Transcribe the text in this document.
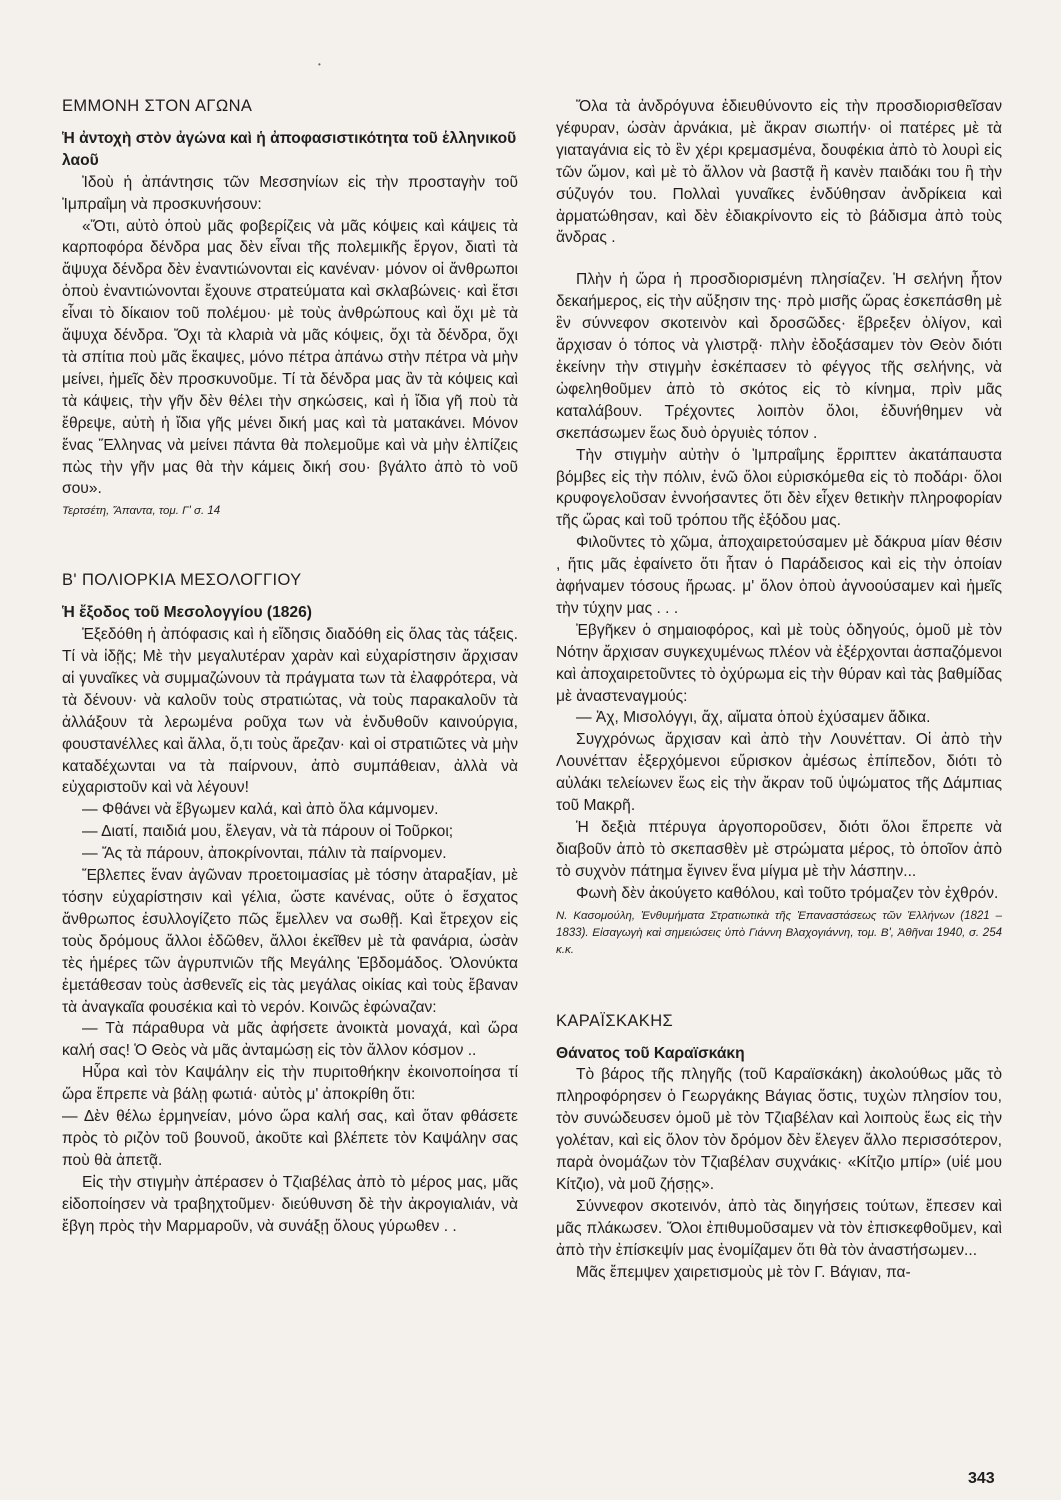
•
ΕΜΜΟΝΗ ΣΤΟΝ ΑΓΩΝΑ
Ἡ ἀντοχὴ στὸν ἀγώνα καὶ ἡ ἀποφασιστικότητα τοῦ ἑλληνικοῦ λαοῦ

Ἰδοὺ ἡ ἀπάντησις τῶν Μεσσηνίων εἰς τὴν προσταγὴν τοῦ Ἰμπραΐμη νὰ προσκυνήσουν:

«Ὅτι, αὐτὸ ὁποὺ μᾶς φοβερίζεις νὰ μᾶς κόψεις καὶ κάψεις τὰ καρποφόρα δένδρα μας δὲν εἶναι τῆς πολεμικῆς ἔργον, διατὶ τὰ ἄψυχα δένδρα δὲν ἐναντιώνονται εἰς κανέναν· μόνον οἱ ἄνθρωποι ὁποὺ ἐναντιώνονται ἔχουνε στρατεύματα καὶ σκλαβώνεις· καὶ ἔτσι εἶναι τὸ δίκαιον τοῦ πολέμου· μὲ τοὺς ἀνθρώπους καὶ ὄχι μὲ τὰ ἄψυχα δένδρα. Ὄχι τὰ κλαριὰ νὰ μᾶς κόψεις, ὄχι τὰ δένδρα, ὄχι τὰ σπίτια ποὺ μᾶς ἔκαψες, μόνο πέτρα ἀπάνω στὴν πέτρα νὰ μὴν μείνει, ἠμεῖς δὲν προσκυνοῦμε. Τί τὰ δένδρα μας ἂν τὰ κόψεις καὶ τὰ κάψεις, τὴν γῆν δὲν θέλει τὴν σηκώσεις, καὶ ἡ ἴδια γῆ ποὺ τὰ ἔθρεψε, αὐτὴ ἡ ἴδια γῆς μένει δική μας καὶ τὰ ματακάνει. Μόνον ἕνας Ἕλληνας νὰ μείνει πάντα θὰ πολεμοῦμε καὶ νὰ μὴν ἐλπίζεις πὼς τὴν γῆν μας θὰ τὴν κάμεις δική σου· βγάλτο ἀπὸ τὸ νοῦ σου».

Τερτσέτη, Ἅπαντα, τομ. Γ' σ. 14

Β' ΠΟΛΙΟΡΚΙΑ ΜΕΣΟΛΟΓΓΙΟΥ
Ἡ ἔξοδος τοῦ Μεσολογγίου (1826)

Ἐξεδόθη ἡ ἀπόφασις καὶ ἡ εἴδησις διαδόθη εἰς ὅλας τὰς τάξεις. Τί νὰ ἰδῇς; Μὲ τὴν μεγαλυτέραν χαρὰν καὶ εὐχαρίστησιν ἄρχισαν αἱ γυναῖκες νὰ συμμαζώνουν τὰ πράγματα των τὰ ἐλαφρότερα, νὰ τὰ δένουν· νὰ καλοῦν τοὺς στρατιώτας, νὰ τοὺς παρακαλοῦν τὰ ἀλλάξουν τὰ λερωμένα ροῦχα των νὰ ἐνδυθοῦν καινούργια, φουστανέλλες καὶ ἄλλα, ὅ,τι τοὺς ἄρεζαν· καὶ οἱ στρατιῶτες νὰ μὴν καταδέχωνται να τὰ παίρνουν, ἀπὸ συμπάθειαν, ἀλλὰ νὰ εὐχαριστοῦν καὶ νὰ λέγουν!

— Φθάνει νὰ ἔβγωμεν καλά, καὶ ἀπὸ ὅλα κάμνομεν.

— Διατί, παιδιά μου, ἔλεγαν, νὰ τὰ πάρουν οἱ Τοῦρκοι;

— Ἄς τὰ πάρουν, ἀποκρίνονται, πάλιν τὰ παίρνομεν.

Ἔβλεπες ἕναν ἀγῶναν προετοιμασίας μὲ τόσην ἀταραξίαν, μὲ τόσην εὐχαρίστησιν καὶ γέλια, ὥστε κανένας, οὔτε ὁ ἔσχατος ἄνθρωπος ἐσυλλογίζετο πῶς ἔμελλεν να σωθῇ. Καὶ ἔτρεχον εἰς τοὺς δρόμους ἄλλοι ἐδῶθεν, ἄλλοι ἐκεῖθεν μὲ τὰ φανάρια, ὡσὰν τὲς ἡμέρες τῶν ἀγρυπνιῶν τῆς Μεγάλης Ἑβδομάδος. Ὁλονύκτα ἐμετάθεσαν τοὺς ἀσθενεῖς εἰς τὰς μεγάλας οἰκίας καὶ τοὺς ἔβαναν τὰ ἀναγκαῖα φουσέκια καὶ τὸ νερόν. Κοινῶς ἐφώναζαν:

— Τὰ πάραθυρα νὰ μᾶς ἀφήσετε ἀνοικτὰ μοναχά, καὶ ὥρα καλή σας! Ὁ Θεὸς νὰ μᾶς ἀνταμώσῃ εἰς τὸν ἄλλον κόσμον ..

Ηὗρα καὶ τὸν Καψάλην εἰς τὴν πυριτοθήκην ἐκοινοποίησα τί ὥρα ἔπρεπε νὰ βάλῃ φωτιά· αὐτὸς μ' ἀποκρίθη ὅτι:

— Δὲν θέλω ἑρμηνείαν, μόνο ὥρα καλή σας, καὶ ὅταν φθάσετε πρὸς τὸ ριζὸν τοῦ βουνοῦ, ἀκοῦτε καὶ βλέπετε τὸν Καψάλην σας ποὺ θὰ ἀπετᾷ.

Εἰς τὴν στιγμὴν ἀπέρασεν ὁ Τζιαβέλας ἀπὸ τὸ μέρος μας, μᾶς εἰδοποίησεν νὰ τραβηχτοῦμεν· διεύθυνση δὲ τὴν ἀκρογιαλιάν, νὰ ἔβγη πρὸς τὴν Μαρμαροῦν, νὰ συνάξῃ ὅλους γύρωθεν . .

Ὅλα τὰ ἀνδρόγυνα ἐδιευθύνοντο εἰς τὴν προσδιορισθεῖσαν γέφυραν, ὡσὰν ἀρνάκια, μὲ ἄκραν σιωπήν· οἱ πατέρες μὲ τὰ γιαταγάνια εἰς τὸ ἓν χέρι κρεμασμένα, δουφέκια ἀπὸ τὸ λουρὶ εἰς τῶν ὤμον, καὶ μὲ τὸ ἄλλον νὰ βαστᾷ ἢ κανὲν παιδάκι του ἢ τὴν σύζυγόν του. Πολλαὶ γυναῖκες ἐνδύθησαν ἀνδρίκεια καὶ ἀρματώθησαν, καὶ δὲν ἐδιακρίνοντο εἰς τὸ βάδισμα ἀπὸ τοὺς ἄνδρας .

Πλὴν ἡ ὥρα ἡ προσδιορισμένη πλησίαζεν. Ἡ σελήνη ἦτον δεκαήμερος, εἰς τὴν αὔξησιν της· πρὸ μισῆς ὥρας ἐσκεπάσθη μὲ ἓν σύννεφον σκοτεινὸν καὶ δροσῶδες· ἔβρεξεν ὀλίγον, καὶ ἄρχισαν ὁ τόπος νὰ γλιστρᾷ· πλὴν ἐδοξάσαμεν τὸν Θεὸν διότι ἐκείνην τὴν στιγμὴν ἐσκέπασεν τὸ φέγγος τῆς σελήνης, νὰ ὠφεληθοῦμεν ἀπὸ τὸ σκότος εἰς τὸ κίνημα, πρὶν μᾶς καταλάβουν. Τρέχοντες λοιπὸν ὅλοι, ἐδυνήθημεν νὰ σκεπάσωμεν ἕως δυὸ ὀργυιὲς τόπον .

Τὴν στιγμὴν αὐτὴν ὁ Ἰμπραΐμης ἔρριπτεν ἀκατάπαυστα βόμβες εἰς τὴν πόλιν, ἐνῶ ὅλοι εὑρισκόμεθα εἰς τὸ ποδάρι· ὅλοι κρυφογελοῦσαν ἐννοήσαντες ὅτι δὲν εἶχεν θετικὴν πληροφορίαν τῆς ὥρας καὶ τοῦ τρόπου τῆς ἐξόδου μας.

Φιλοῦντες τὸ χῶμα, ἀποχαιρετούσαμεν μὲ δάκρυα μίαν θέσιν , ἥτις μᾶς ἐφαίνετο ὅτι ἦταν ὁ Παράδεισος καὶ εἰς τὴν ὁποίαν ἀφήναμεν τόσους ἥρωας. μ' ὅλον ὁποὺ ἀγνοούσαμεν καὶ ἠμεῖς τὴν τύχην μας . . .

Ἐβγῆκεν ὁ σημαιοφόρος, καὶ μὲ τοὺς ὁδηγούς, ὁμοῦ μὲ τὸν Νότην ἄρχισαν συγκεχυμένως πλέον νὰ ἐξέρχονται ἀσπαζόμενοι καὶ ἀποχαιρετοῦντες τὸ ὀχύρωμα εἰς τὴν θύραν καὶ τὰς βαθμίδας μὲ ἀναστεναγμούς:

— Ἀχ, Μισολόγγι, ἄχ, αἵματα ὁποὺ ἐχύσαμεν ἄδικα.

Συγχρόνως ἄρχισαν καὶ ἀπὸ τὴν Λουνέτταν. Οἱ ἀπὸ τὴν Λουνέτταν ἐξερχόμενοι εὕρισκον ἀμέσως ἐπίπεδον, διότι τὸ αὐλάκι τελείωνεν ἕως εἰς τὴν ἄκραν τοῦ ὑψώματος τῆς Δάμπιας τοῦ Μακρῆ.

Ἡ δεξιὰ πτέρυγα ἀργοποροῦσεν, διότι ὅλοι ἔπρεπε νὰ διαβοῦν ἀπὸ τὸ σκεπασθὲν μὲ στρώματα μέρος, τὸ ὁποῖον ἀπὸ τὸ συχνὸν πάτημα ἔγινεν ἕνα μίγμα μὲ τὴν λάσπην...

Φωνὴ δὲν ἀκούγετο καθόλου, καὶ τοῦτο τρόμαζεν τὸν ἐχθρόν.

Ν. Κασομούλη, Ἐνθυμήματα Στρατιωτικὰ τῆς Ἐπαναστάσεως τῶν Ἑλλήνων (1821 – 1833). Εἰσαγωγὴ καὶ σημειώσεις ὑπὸ Γιάννη Βλαχογιάννη, τομ. Β', Ἀθῆναι 1940, σ. 254 κ.κ.

ΚΑΡΑΪΣΚΑΚΗΣ
Θάνατος τοῦ Καραϊσκάκη

Τὸ βάρος τῆς πληγῆς (τοῦ Καραϊσκάκη) ἀκολούθως μᾶς τὸ πληροφόρησεν ὁ Γεωργάκης Βάγιας ὅστις, τυχὼν πλησίον του, τὸν συνώδευσεν ὁμοῦ μὲ τὸν Τζιαβέλαν καὶ λοιποὺς ἕως εἰς τὴν γολέταν, καὶ εἰς ὅλον τὸν δρόμον δὲν ἔλεγεν ἄλλο περισσότερον, παρὰ ὀνομάζων τὸν Τζιαβέλαν συχνάκις· «Κίτζιο μπίρ» (υἱέ μου Κίτζιο), νὰ μοῦ ζήσῃς».

Σύννεφον σκοτεινόν, ἀπὸ τὰς διηγήσεις τούτων, ἔπεσεν καὶ μᾶς πλάκωσεν. Ὅλοι ἐπιθυμοῦσαμεν νὰ τὸν ἐπισκεφθοῦμεν, καὶ ἀπὸ τὴν ἐπίσκεψίν μας ἐνομίζαμεν ὅτι θὰ τὸν ἀναστήσωμεν...

Μᾶς ἔπεμψεν χαιρετισμοὺς μὲ τὸν Γ. Βάγιαν, πα-

343
